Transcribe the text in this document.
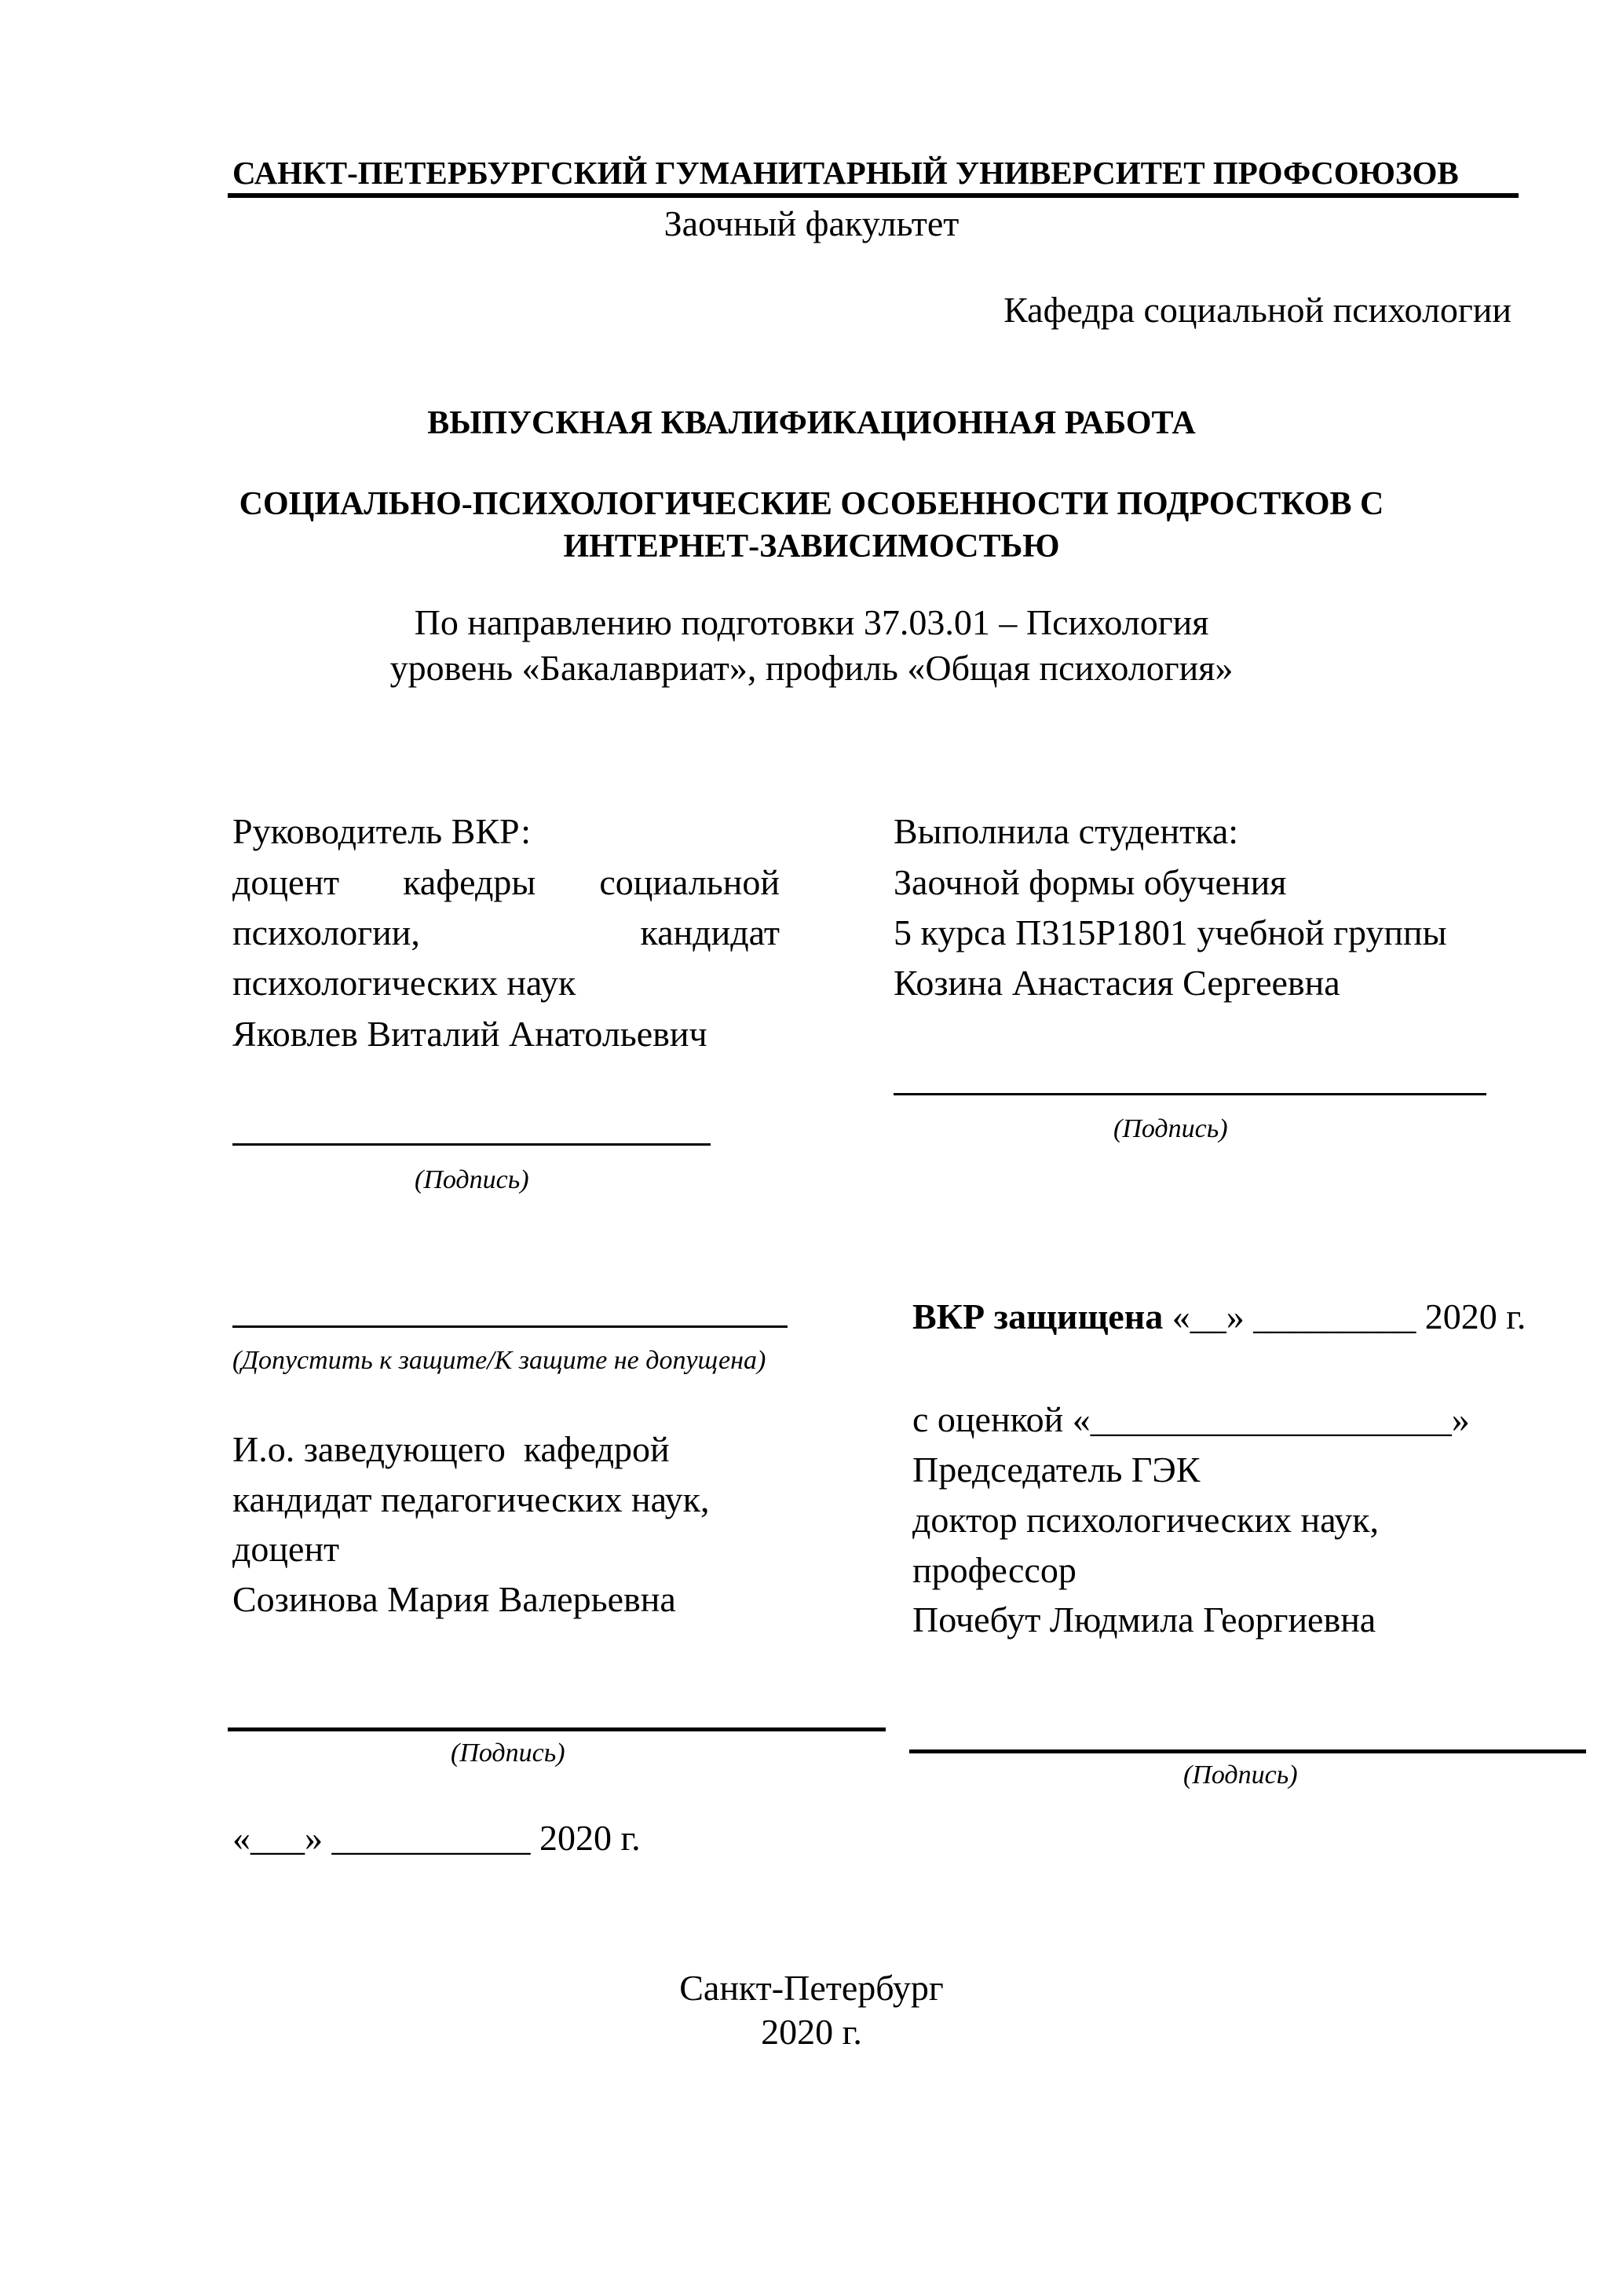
САНКТ-ПЕТЕРБУРГСКИЙ ГУМАНИТАРНЫЙ УНИВЕРСИТЕТ ПРОФСОЮЗОВ
Заочный факультет
Кафедра социальной психологии
ВЫПУСКНАЯ КВАЛИФИКАЦИОННАЯ РАБОТА
СОЦИАЛЬНО-ПСИХОЛОГИЧЕСКИЕ ОСОБЕННОСТИ ПОДРОСТКОВ С
ИНТЕРНЕТ-ЗАВИСИМОСТЬЮ
По направлению подготовки 37.03.01 – Психология
уровень «Бакалавриат», профиль «Общая психология»
Руководитель ВКР:
доцент кафедры социальной
психологии,	кандидат
психологических наук
Яковлев Виталий Анатольевич
(Подпись)
Выполнила студентка:
Заочной формы обучения
5 курса П315Р1801 учебной группы
Козина Анастасия Сергеевна
(Подпись)
(Допустить к защите/К защите не допущена)
И.о. заведующего  кафедрой
кандидат педагогических наук,
доцент
Созинова Мария Валерьевна
(Подпись)
«___» ___________ 2020 г.
ВКР защищена «__» _________ 2020 г.
с оценкой «____________________»
Председатель ГЭК
доктор психологических наук,
профессор
Почебут Людмила Георгиевна
(Подпись)
Санкт-Петербург
2020 г.
